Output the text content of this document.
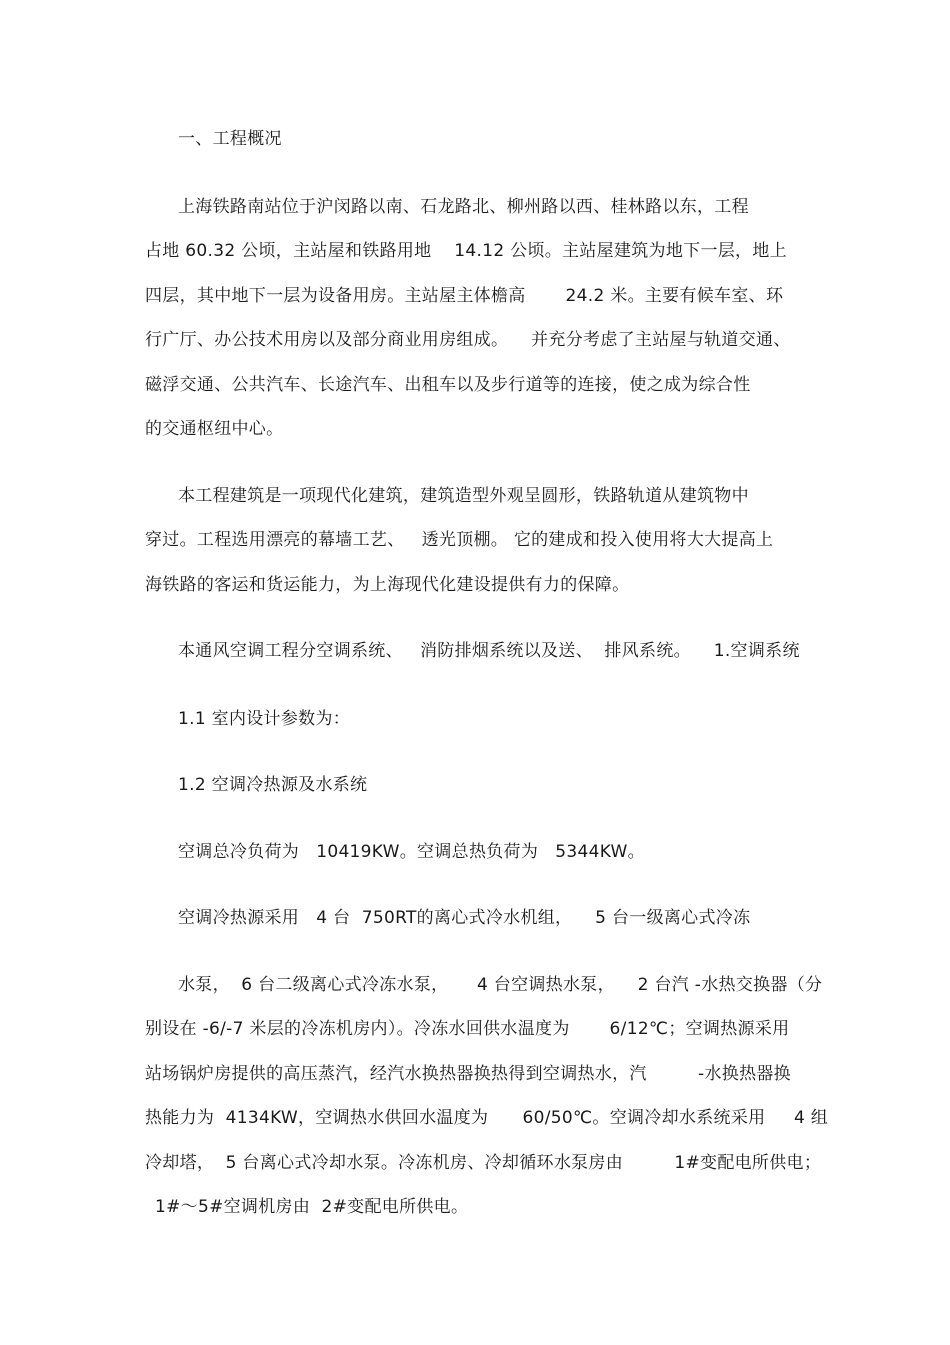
一、工程概况
上海铁路南站位于沪闵路以南、石龙路北、柳州路以西、桂林路以东，工程
占地 60.32 公顷，主站屋和铁路用地    14.12 公顷。主站屋建筑为地下一层，地上
四层，其中地下一层为设备用房。主站屋主体檐高       24.2 米。主要有候车室、环
行广厅、办公技术用房以及部分商业用房组成。    并充分考虑了主站屋与轨道交通、
磁浮交通、公共汽车、长途汽车、出租车以及步行道等的连接，使之成为综合性
的交通枢纽中心。
本工程建筑是一项现代化建筑，建筑造型外观呈圆形，铁路轨道从建筑物中
穿过。工程选用漂亮的幕墙工艺、   透光顶棚。 它的建成和投入使用将大大提高上
海铁路的客运和货运能力，为上海现代化建设提供有力的保障。
本通风空调工程分空调系统、   消防排烟系统以及送、  排风系统。    1.空调系统
1.1 室内设计参数为：
1.2 空调冷热源及水系统
空调总冷负荷为   10419KW。空调总热负荷为   5344KW。
空调冷热源采用   4 台  750RT的离心式冷水机组，    5 台一级离心式冷冻
水泵，  6 台二级离心式冷冻水泵，     4 台空调热水泵，    2 台汽 -水热交换器（分
别设在 -6/-7 米层的冷冻机房内）。冷冻水回供水温度为       6/12℃；空调热源采用
站场锅炉房提供的高压蒸汽，经汽水换热器换热得到空调热水，汽         -水换热器换
热能力为  4134KW，空调热水供回水温度为      60/50℃。空调冷却水系统采用     4 组
冷却塔，  5 台离心式冷却水泵。冷冻机房、冷却循环水泵房由         1#变配电所供电；
1#～5#空调机房由  2#变配电所供电。
